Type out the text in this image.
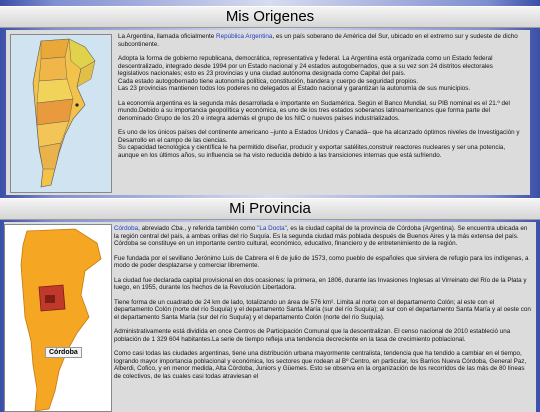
Mis Origenes

La Argentina, llamada oficialmente República Argentina, es un país soberano de América del Sur, ubicado en el extremo sur y sudeste de dicho subcontinente.

Adopta la forma de gobierno republicana, democrática, representativa y federal. La Argentina está organizada como un Estado federal descentralizado, integrado desde 1994 por un Estado nacional y 24 estados autogobernados, que a su vez son 24 distritos electorales legislativos nacionales; esto es 23 provincias y una ciudad autónoma designada como Capital del país.
Cada estado autogobernado tiene autonomía política, constitución, bandera y cuerpo de seguridad propios.

Las 23 provincias mantienen todos los poderes no delegados al Estado nacional y garantizan la autonomía de sus municipios.

La economía argentina es la segunda más desarrollada e importante en Sudamérica. Según el Banco Mundial, su PIB nominal es el 21.º del mundo.Debido a su importancia geopolítica y económica, es uno de los tres estados soberanos latinoamericanos que forma parte del denominado Grupo de los 20 e integra además el grupo de los NIC o nuevos países industrializados.

Es uno de los únicos países del continente americano –junto a Estados Unidos y Canadá– que ha alcanzado óptimos niveles de Investigación y Desarrollo en el campo de las ciencias.
Su capacidad tecnológica y científica le ha permitido diseñar, producir y exportar satélites,construir reactores nucleares y ser una potencia, aunque en los últimos años, su influencia se ha visto reducida debido a las transiciones internas que está sufriendo.
Mi Provincia
Córdoba

Córdoba, abreviado Cba., y referida también como "La Docta", es la ciudad capital de la provincia de Córdoba (Argentina). Se encuentra ubicada en la región central del país, a ambas orillas del río Suquía. Es la segunda ciudad más poblada después de Buenos Aires y la más extensa del país. Córdoba se constituye en un importante centro cultural, económico, educativo, financiero y de entretenimiento de la región.

Fue fundada por el sevillano Jerónimo Luis de Cabrera el 6 de julio de 1573, como pueblo de españoles que sirviera de refugio para los indígenas, a modo de poder desplazarse y comerciar libremente.

La ciudad fue declarada capital provisional en dos ocasiones: la primera, en 1806, durante las Invasiones Inglesas al Virreinato del Río de la Plata y luego, en 1955, durante los hechos de la Revolución Libertadora.

Tiene forma de un cuadrado de 24 km de lado, totalizando un área de 576 km². Limita al norte con el departamento Colón; al este con el departamento Colón (norte del río Suquía) y el departamento Santa María (sur del río Suquía); al sur con el departamento Santa María y al oeste con el departamento Santa María (sur del río Suquía) y el departamento Colón (norte del río Suquía).

Administrativamente está dividida en once Centros de Participación Comunal que la descentralizan. El censo nacional de 2010 estableció una población de 1 329 604 habitantes.La serie de tiempo refleja una tendencia decreciente en la tasa de crecimiento poblacional.

Como casi todas las ciudades argentinas, tiene una distribución urbana mayormente centralista, tendencia que ha tendido a cambiar en el tiempo, logrando mayor importancia poblacional y económica, los sectores que rodean al Bº Centro, en particular, los Barrios Nueva Córdoba, General Paz, Alberdi, Cofico, y en menor medida, Alta Córdoba, Juniors y Güemes. Esto se observa en la organización de los recorridos de las más de 80 líneas de colectivos, de las cuales casi todas atraviesan el
